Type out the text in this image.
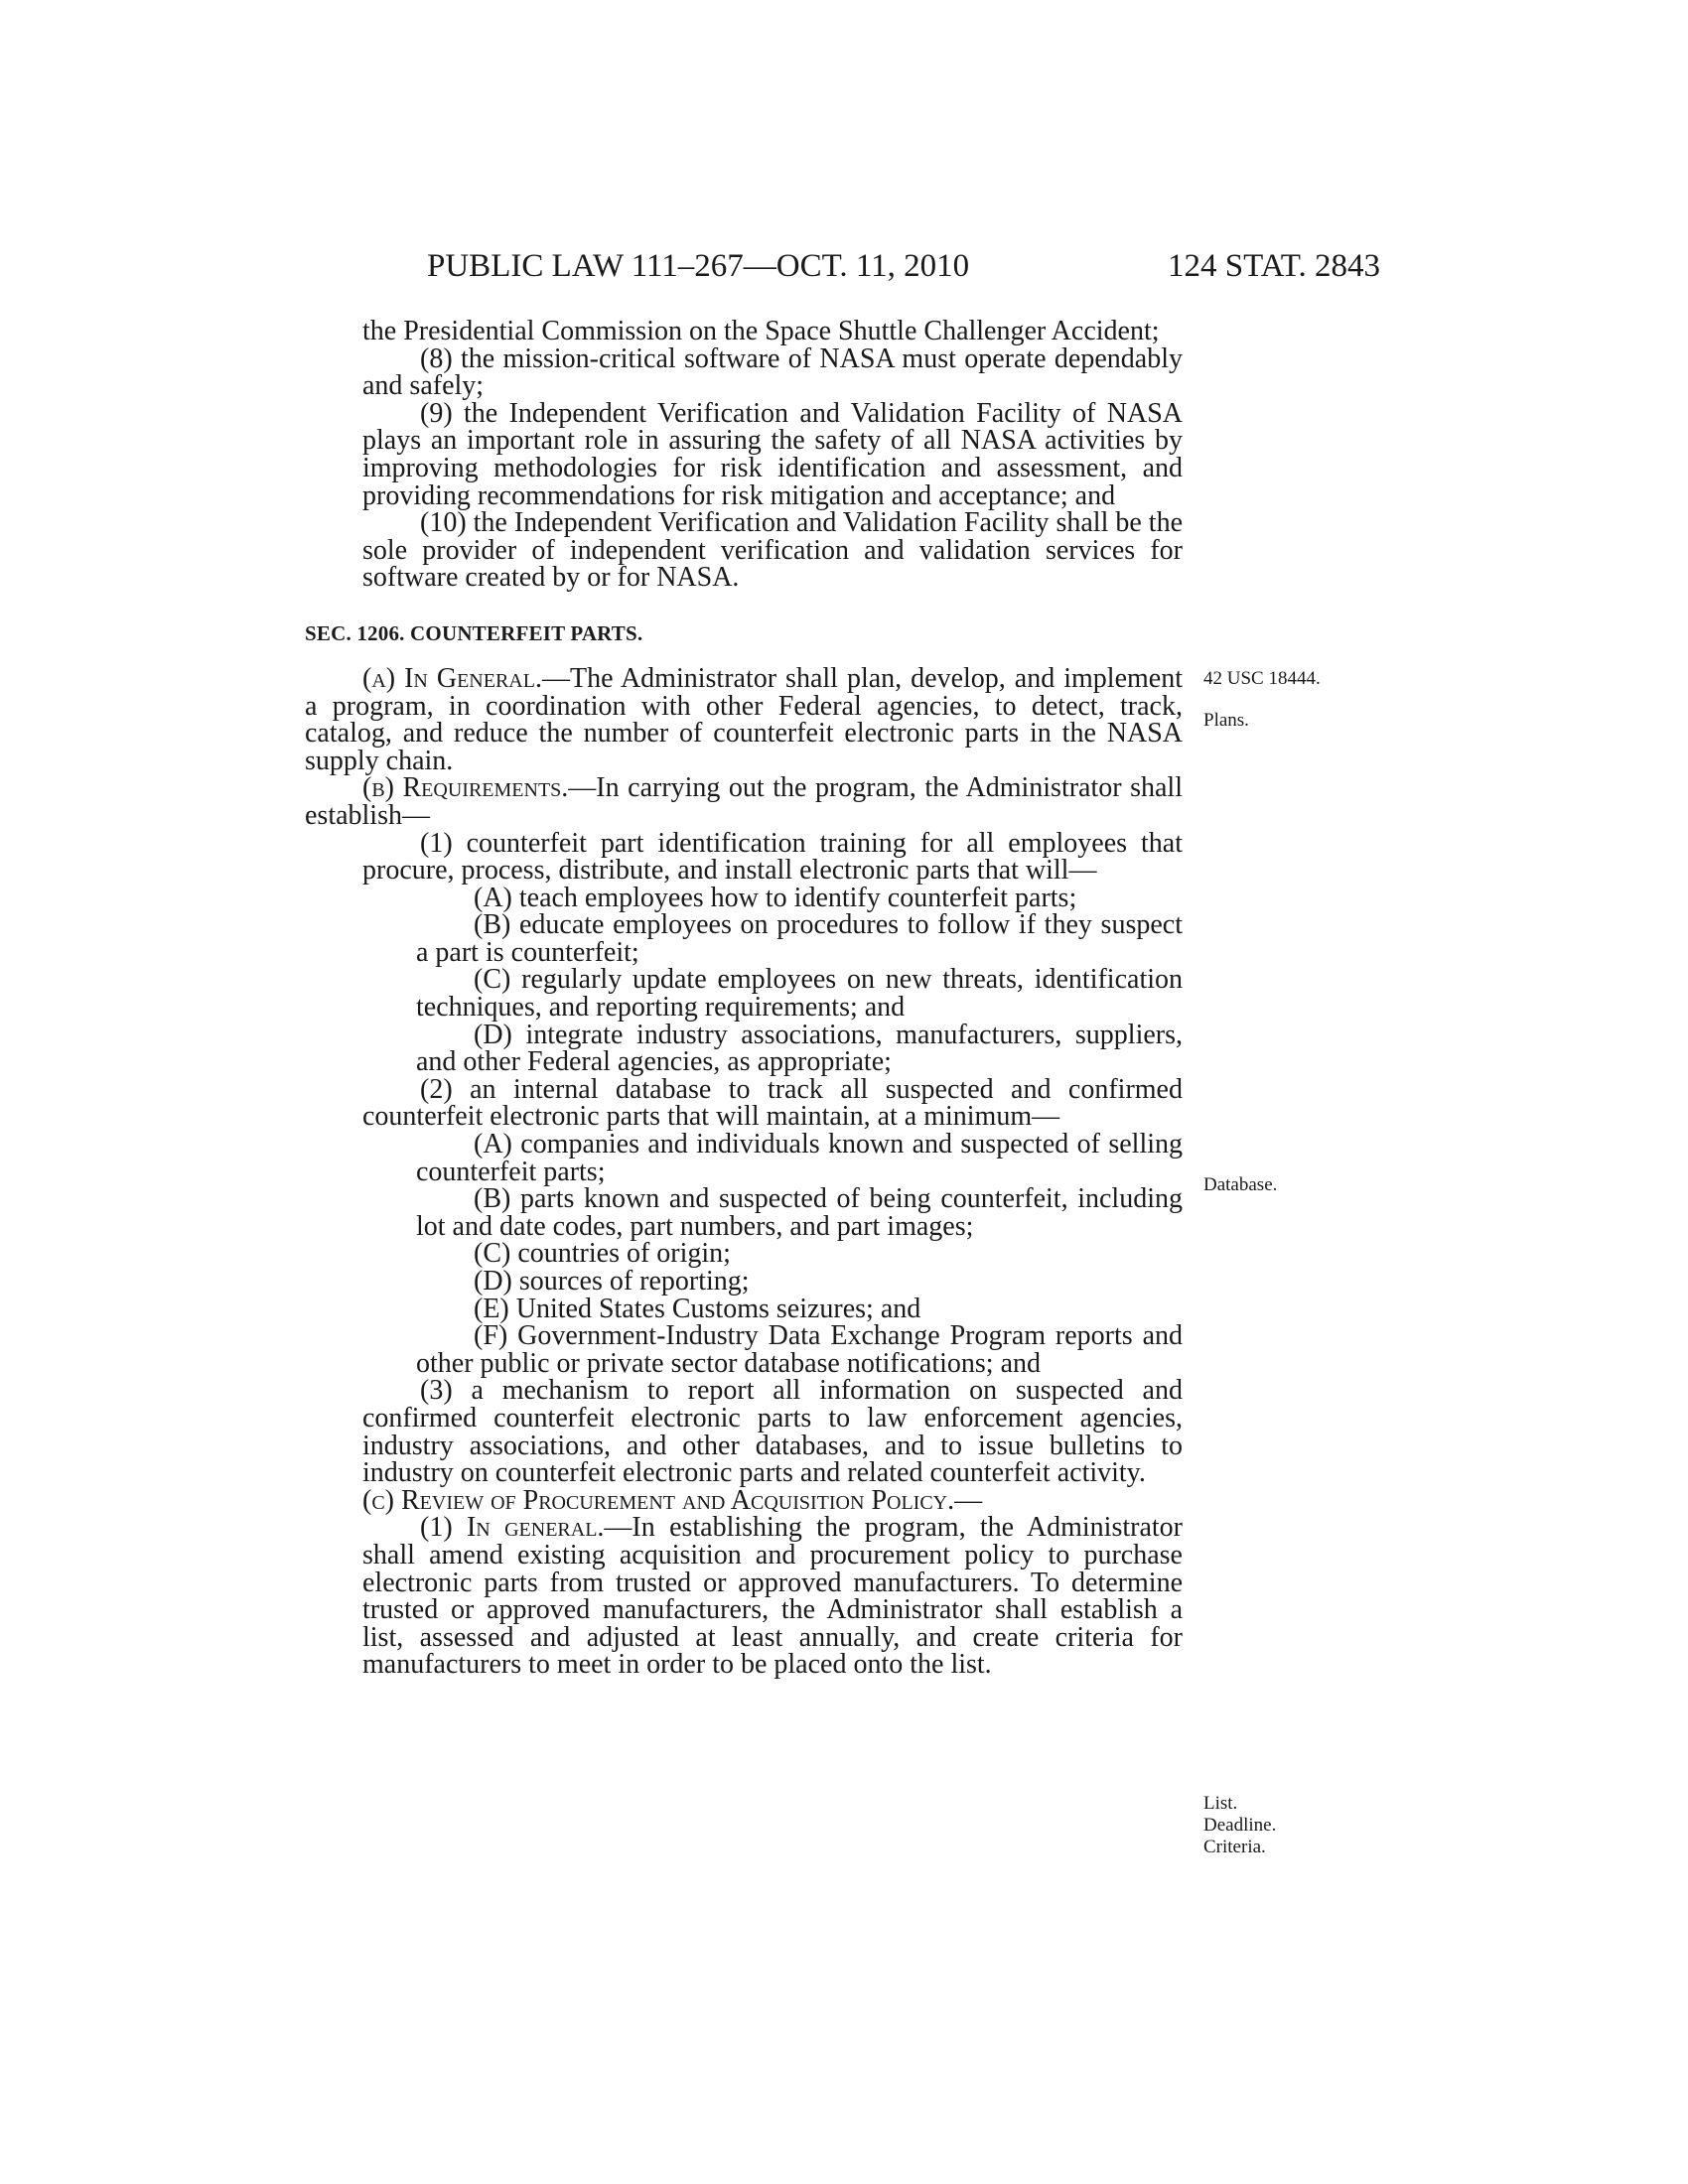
PUBLIC LAW 111–267—OCT. 11, 2010	124 STAT. 2843

the Presidential Commission on the Space Shuttle Challenger Accident;

(8) the mission-critical software of NASA must operate dependably and safely;

(9) the Independent Verification and Validation Facility of NASA plays an important role in assuring the safety of all NASA activities by improving methodologies for risk identification and assessment, and providing recommendations for risk mitigation and acceptance; and

(10) the Independent Verification and Validation Facility shall be the sole provider of independent verification and validation services for software created by or for NASA.

SEC. 1206. COUNTERFEIT PARTS.

(a) In General.—The Administrator shall plan, develop, and implement a program, in coordination with other Federal agencies, to detect, track, catalog, and reduce the number of counterfeit electronic parts in the NASA supply chain.

(b) Requirements.—In carrying out the program, the Administrator shall establish—

(1) counterfeit part identification training for all employees that procure, process, distribute, and install electronic parts that will—

(A) teach employees how to identify counterfeit parts;

(B) educate employees on procedures to follow if they suspect a part is counterfeit;

(C) regularly update employees on new threats, identification techniques, and reporting requirements; and

(D) integrate industry associations, manufacturers, suppliers, and other Federal agencies, as appropriate;

(2) an internal database to track all suspected and confirmed counterfeit electronic parts that will maintain, at a minimum—

(A) companies and individuals known and suspected of selling counterfeit parts;

(B) parts known and suspected of being counterfeit, including lot and date codes, part numbers, and part images;

(C) countries of origin;

(D) sources of reporting;

(E) United States Customs seizures; and

(F) Government-Industry Data Exchange Program reports and other public or private sector database notifications; and

(3) a mechanism to report all information on suspected and confirmed counterfeit electronic parts to law enforcement agencies, industry associations, and other databases, and to issue bulletins to industry on counterfeit electronic parts and related counterfeit activity.

(c) Review of Procurement and Acquisition Policy.—

(1) In general.—In establishing the program, the Administrator shall amend existing acquisition and procurement policy to purchase electronic parts from trusted or approved manufacturers. To determine trusted or approved manufacturers, the Administrator shall establish a list, assessed and adjusted at least annually, and create criteria for manufacturers to meet in order to be placed onto the list.

42 USC 18444.
Plans.
Database.
List.
Deadline.
Criteria.
